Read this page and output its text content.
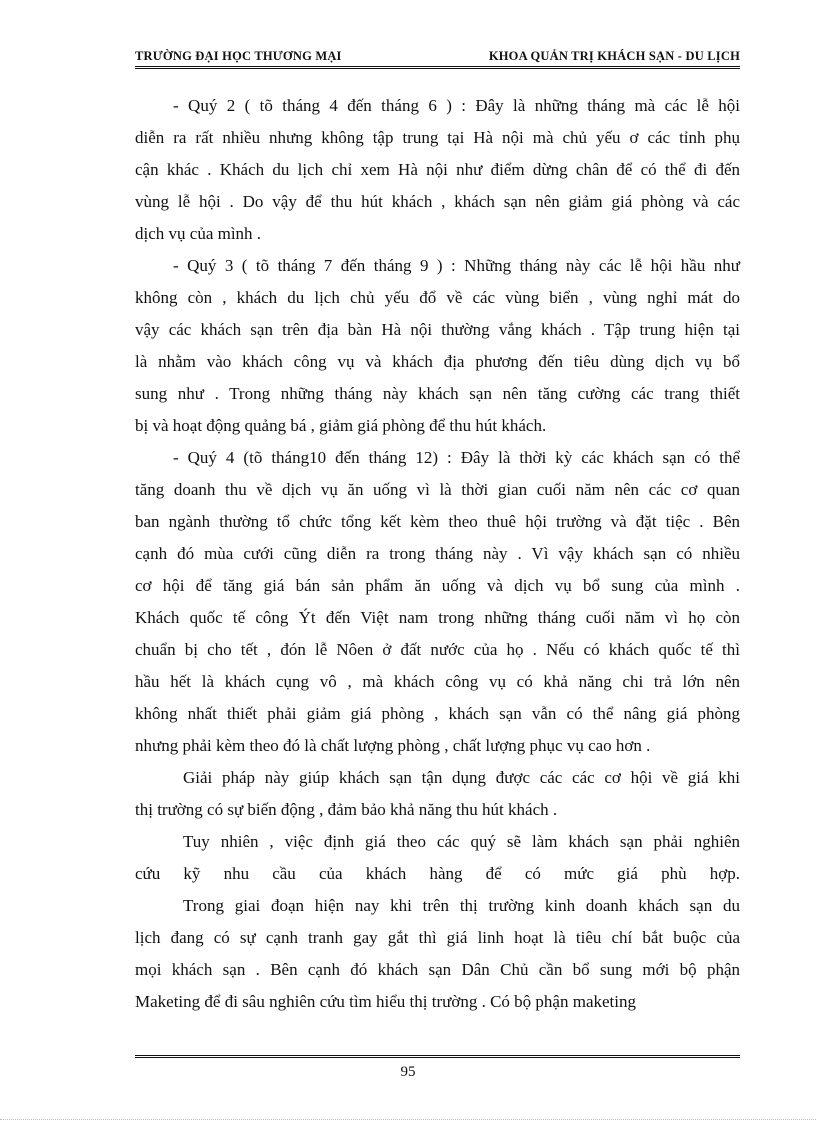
TRƯỜNG ĐẠI HỌC THƯƠNG MẠI	KHOA QUẢN TRỊ KHÁCH SẠN - DU LỊCH
- Quý 2 ( tõ tháng 4 đến tháng 6 ) : Đây là những tháng mà các lễ hội
diễn ra rất nhiều nhưng không tập trung tại Hà nội mà chủ yếu ơ các tỉnh phụ
cận khác . Khách du lịch chỉ xem Hà nội như điểm dừng chân để có thể đi đến
vùng lễ hội . Do vậy để thu hút khách , khách sạn nên giảm giá phòng và các
dịch vụ của mình .
- Quý 3 ( tõ tháng 7 đến tháng 9 ) : Những tháng này các lễ hội hầu như
không còn , khách du lịch chủ yếu đổ về các vùng biển , vùng nghỉ mát do
vậy các khách sạn trên địa bàn Hà nội thường vắng khách . Tập trung hiện tại
là nhằm vào khách công vụ và khách địa phương đến tiêu dùng dịch vụ bổ
sung như . Trong những tháng này khách sạn nên tăng cường các trang thiết
bị và hoạt động quảng bá , giảm giá phòng để thu hút khách.
- Quý 4 (tõ tháng10 đến tháng 12) : Đây là thời kỳ các khách sạn có thể
tăng doanh thu về dịch vụ ăn uống vì là thời gian cuối năm nên các cơ quan
ban ngành thường tổ chức tổng kết kèm theo thuê hội trường và đặt tiệc . Bên
cạnh đó mùa cưới cũng diễn ra trong tháng này . Vì vậy khách sạn có nhiều
cơ hội để tăng giá bán sản phẩm ăn uống và dịch vụ bổ sung của mình .
Khách quốc tế công Ýt đến Việt nam trong những tháng cuối năm vì họ còn
chuẩn bị cho tết , đón lễ Nôen ở đất nước của họ . Nếu có khách quốc tế thì
hầu hết là khách cụng vô , mà khách công vụ có khả năng chi trả lớn nên
không nhất thiết phải giảm giá phòng , khách sạn vẫn có thể nâng giá phòng
nhưng phải kèm theo đó là chất lượng phòng , chất lượng phục vụ cao hơn .
Giải pháp này giúp khách sạn tận dụng được các các cơ hội về giá khi
thị trường có sự biến động , đảm bảo khả năng thu hút khách .
Tuy nhiên , việc định giá theo các quý sẽ làm khách sạn phải nghiên
cứu kỹ nhu cầu của khách hàng để có mức giá phù hợp.
Trong giai đoạn hiện nay khi trên thị trường kinh doanh khách sạn du
lịch đang có sự cạnh tranh gay gắt thì giá linh hoạt là tiêu chí bắt buộc của
mọi khách sạn . Bên cạnh đó khách sạn Dân Chủ cần bổ sung mới bộ phận
Maketing để đi sâu nghiên cứu tìm hiểu thị trường . Có bộ phận maketing
95
